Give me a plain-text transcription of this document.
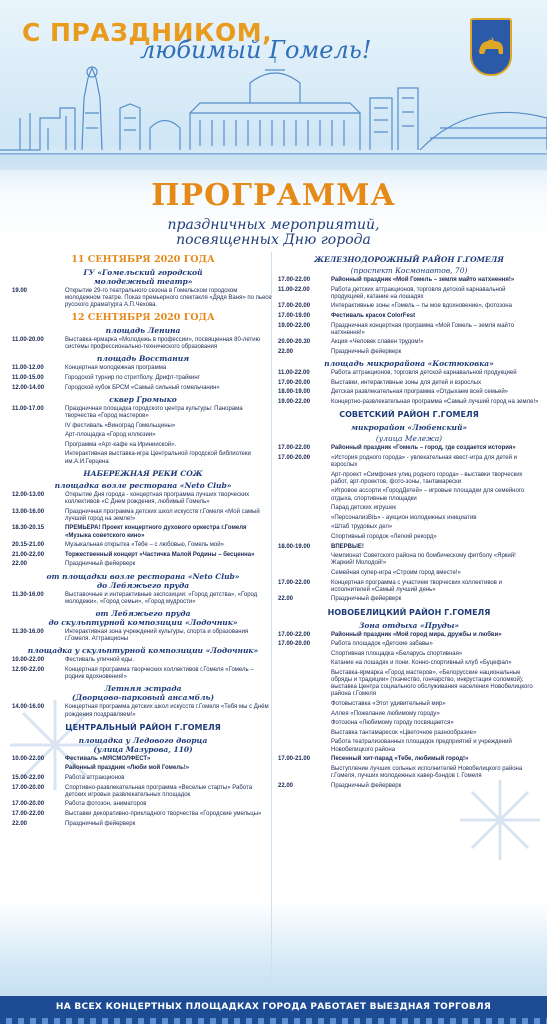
С ПРАЗДНИКОМ,
любимый Гомель!
ПРОГРАММА
праздничных мероприятий,
посвященных Дню города
11 СЕНТЯБРЯ 2020 ГОДА
ГУ «Гомельский городской
молодежный театр»
19.00	Открытие 29-го театрального сезона в Гомельском городском молодежном театре. Показ премьерного спектакля «Дядя Ваня» по пьесе русского драматурга А.П.Чехова.
12 СЕНТЯБРЯ 2020 ГОДА
площадь Ленина
11.00-20.00	Выставка-ярмарка «Молодежь в профессии», посвященная 80-летию системы профессионально-технического образования
площадь Восстания
11.00-12.00	Концертная молодежная программа
11.00-15.00	Городской турнир по стритболу. Дрифт-трайкинг
12.00-14.00	Городской кубок БРСМ «Самый сильный гомельчанин»
сквер Громыко
11.00-17.00	Праздничная площадка городского центра культуры: Панорама творчества «Город мастеров»
IV фестиваль «Виноград Гомельщины»
Арт-площадка «Город иллюзии»
Программа «Арт-кафе на Иринииской».
Интерактивная выставка-игра Центральной городской библиотеки им.А.И.Герцена
НАБЕРЕЖНАЯ РЕКИ СОЖ
площадка возле ресторана «Neto Club»
12.00-13.00	Открытие Дня города - концертная программа лучших творческих коллективов «С Днем рождения, любимый Гомель»
13.00-16.00	Праздничная программа детских школ искусств г.Гомеля «Мой самый лучший город на земле!»
18.30-20.15	ПРЕМЬЕРА! Проект концертного духового оркестра г.Гомеля «Музыка советского кино»
20.15-21.00	Музыкальная открытка «Тебе – с любовью, Гомель мой»
21.00-22.00	Торжественный концерт «Частичка Малой Родины – бесценна»
22.00	Праздничный фейерверк
от площадки возле ресторана «Neto Club»
до Лебяжьего пруда
11.30-16.00	Выставочные и интерактивные экспозиции: «Город детства», «Город молодежи», «Город семьи», «Город мудрости»
от Лебяжьего пруда
до скульптурной композиции «Лодочник»
11.30-16.00	Интерактивная зона учреждений культуры, спорта и образования г.Гомеля. Аттракционы
площадка у скульптурной композиции «Лодочник»
10.00-22.00	Фестиваль уличной еды.
12.00-22.00	Концертная программа творческих коллективов г.Гомеля «Гомель – родник вдохновения!»
Летняя эстрада
(Дворцово-парковый ансамбль)
14.00-16.00	Концертная программа детских школ искусств г.Гомеля «Тебя мы с Днём рождения поздравляем!»
ЦЕНТРАЛЬНЫЙ РАЙОН Г.ГОМЕЛЯ
площадка у Ледового дворца
(улица Мазурова, 110)
10.00-22.00	Фестиваль «МЯСМОЛФЕСТ»
Районный праздник «Люби мой Гомель!»
15.00-22.00	Работа аттракционов
17.00-20.00	Спортивно-развлекательная программа «Веселые старты» Работа детских игровых развлекательных площадок
17.00-20.00	Работа фотозон, аниматоров
17.00-22.00	Выставки декоративно-прикладного творчества «Городские умельцы»
22.00	Праздничный фейерверк
ЖЕЛЕЗНОДОРОЖНЫЙ РАЙОН Г.ГОМЕЛЯ
(проспект Космонавтов, 70)
17.00-22.00	Районный праздник «Мой Гомель – земля майто натхнення!»
11.00-22.00	Работа детских аттракционов, торговля детской карнавальной продукцией, катание на лошадях
17.00-20.00	Интерактивные зоны «Гомель – ты мое вдохновение», фотозона
17.00-19.00	Фестиваль красок ColorFest
19.00-22.00	Праздничная концертная программа «Мой Гомель – земля майто натхнення!»
20.00-20.30	Акция «Человек славен трудом!»
22.00	Праздничный фейерверк
площадь микрорайона «Костюковка»
11.00-22.00	Работа аттракционов, торговля детской карнавальной продукцией
17.00-20.00	Выставки, интерактивные зоны для детей и взрослых
18.00-19.00	Детская развлекательная программа «Отдыхаем всей семьей»
19.00-22.00	Концертно-развлекательная программа «Самый лучший город на земле!»
СОВЕТСКИЙ РАЙОН Г.ГОМЕЛЯ
микрорайон «Любенский»
(улица Мележа)
17.00-22.00	Районный праздник «Гомель – город, где создается история»
17.00-20.00	«История родного города» - увлекательная квест-игра для детей и взрослых
Арт-проект «Симфония улиц родного города» - выставки творческих работ, арт-проектов, фото-зоны, тантамарески
«Игровое ассорти «ГородДетей» – игровые площадки для семейного отдыха, спортивные площадки
Парад детских игрушек
«ПерсонализBiЬ» - аукцион молодежных инициатив
«Штаб трудовых дел»
Спортивный городок «Легкий рекорд»
18.00-19.00	ВПЕРВЫЕ!
Чемпионат Советского района по бомбическому фитболу «Яркий! Жаркий! Молодой!»
Семейная супер-игра «Строим город вместе!»
17.00-22.00	Концертная программа с участием творческих коллективов и исполнителей «Самый лучший день»
22.00	Праздничный фейерверк
НОВОБЕЛИЦКИЙ РАЙОН Г.ГОМЕЛЯ
Зона отдыха «Пруды»
17.00-22.00	Районный праздник «Мой город мира, дружбы и любви»
17.00-20.00	Работа площадок «Детские забавы»
Спортивная площадка «Беларусь спортивная»
Катание на лошадях и пони. Конно-спортивный клуб «Буцефал»
Выставка-ярмарка «Город мастеров», «Белорусские национальные обряды и традиции» (ткачество, гончарство, инкрустация соломкой); выставка Центра социального обслуживания населения Новобелицкого района г.Гомеля
Фотовыставка «Этот удивительный мир»
Аллея «Пожелание любимому городу»
Фотозона «Любимому городу посвящается»
Выставка тантамаресок «Цветочное разнообразие»
Работа театрализованных площадок предприятий и учреждений Новобелицкого района
17.00-21.00	Песенный хит-парад «Тебе, любимый город!»
Выступление лучших сольных исполнителей Новобелицкого района г.Гомеля, лучших молодежных кавер-бэндов г. Гомеля
22.00	Праздничный фейерверк
НА ВСЕХ КОНЦЕРТНЫХ ПЛОЩАДКАХ ГОРОДА РАБОТАЕТ ВЫЕЗДНАЯ ТОРГОВЛЯ
